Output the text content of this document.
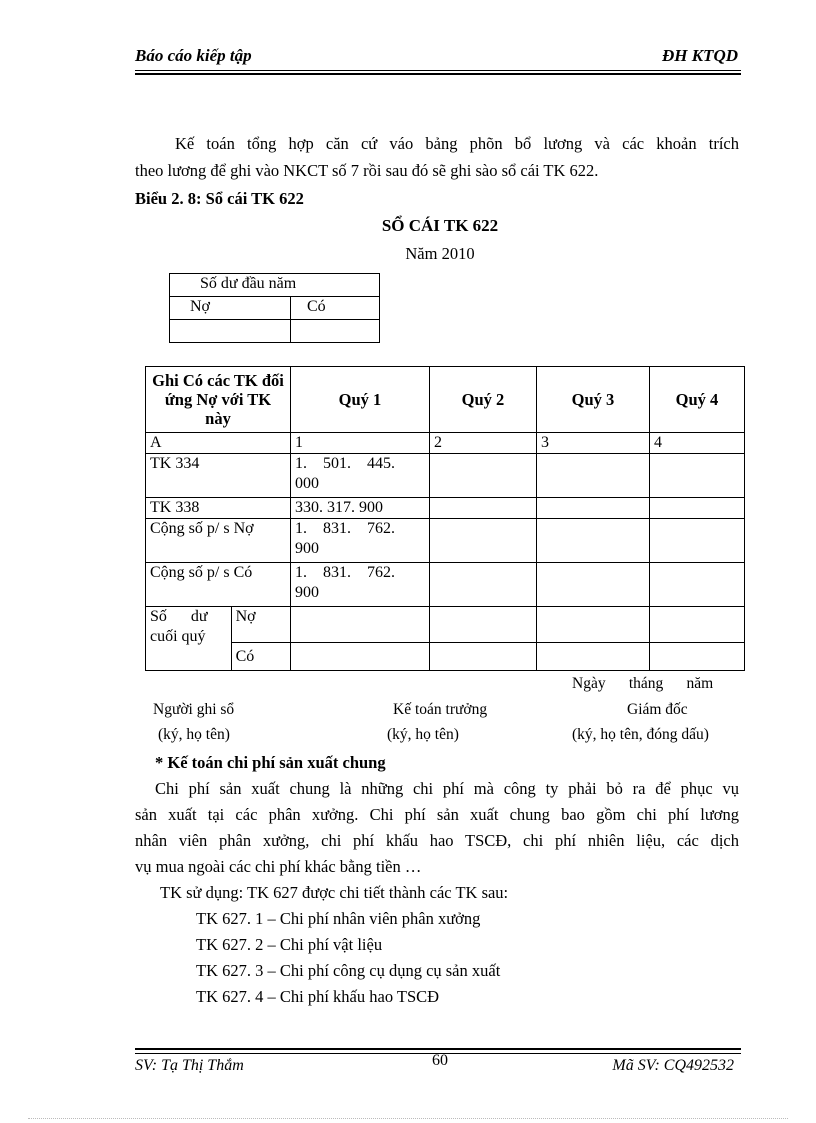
Báo cáo kiếp tập	ĐH KTQD
Kế toán tổng hợp căn cứ váo bảng phõn bổ lương và các khoản trích
theo lương để ghi vào NKCT số 7 rồi sau đó sẽ ghi sào sổ cái TK 622.
Biểu 2. 8: Sổ cái TK 622
SỔ CÁI TK 622
Năm 2010
Số dư đầu năm	
Nợ	Có

Ghi Có các TK đối ứng Nợ với TK này		Quý 1	Quý 2	Quý 3	Quý 4
A		1	2	3	4
TK 334		1.    501.    445.
000			

TK 338		330. 317. 900			
Cộng số p/ s Nợ		1.    831.    762.
900			

Cộng số p/ s Có		1.    831.    762.
900			

Số      dư
cuối quý	Nợ				
	Có				
Ngày      tháng      năm
Người ghi sổ	Kế toán trưởng	Giám đốc
(ký, họ tên)	(ký, họ tên)	(ký, họ tên, đóng dấu)
* Kế toán chi phí sản xuất chung
Chi phí sản xuất chung là những chi phí mà công ty phải bỏ ra để phục vụ
sản xuất tại các phân xưởng. Chi phí sản xuất chung bao gồm chi phí lương
nhân viên phân xưởng, chi phí khấu hao TSCĐ, chi phí nhiên liệu, các dịch
vụ mua ngoài các chi phí khác bằng tiền …
TK sử dụng: TK 627 được chi tiết thành các TK sau:
TK 627. 1 – Chi phí nhân viên phân xưởng
TK 627. 2 – Chi phí vật liệu
TK 627. 3 – Chi phí công cụ dụng cụ sản xuất
TK 627. 4 – Chi phí khấu hao TSCĐ
SV: Tạ Thị Thắm	60	Mã SV: CQ492532
